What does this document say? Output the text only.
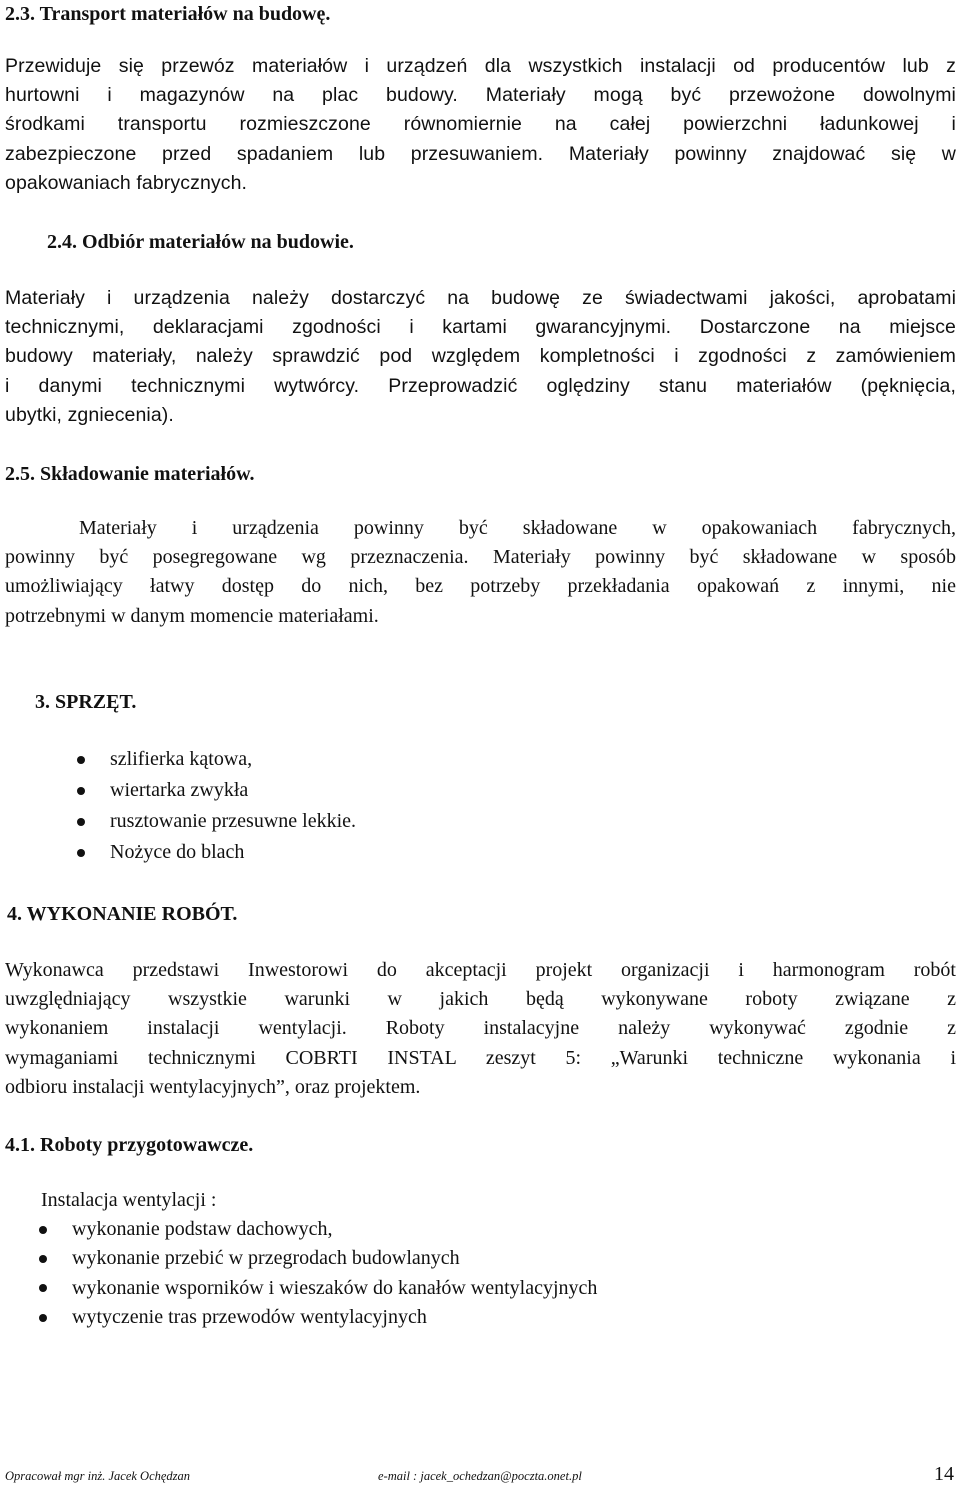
2.3. Transport materiałów na budowę.
Przewiduje się przewóz materiałów i urządzeń dla wszystkich instalacji od producentów lub z
hurtowni i magazynów na plac budowy. Materiały mogą być przewożone dowolnymi
środkami transportu rozmieszczone równomiernie na całej powierzchni ładunkowej i
zabezpieczone przed spadaniem lub przesuwaniem. Materiały powinny znajdować się w
opakowaniach fabrycznych.
2.4. Odbiór materiałów na budowie.
Materiały i urządzenia należy dostarczyć na budowę ze świadectwami jakości, aprobatami
technicznymi, deklaracjami zgodności i kartami gwarancyjnymi. Dostarczone na miejsce
budowy materiały, należy sprawdzić pod względem kompletności i zgodności z zamówieniem
i danymi technicznymi wytwórcy. Przeprowadzić oględziny stanu materiałów (pęknięcia,
ubytki, zgniecenia).
2.5. Składowanie materiałów.
Materiały i urządzenia powinny być składowane w opakowaniach fabrycznych,
powinny być posegregowane wg przeznaczenia. Materiały powinny być składowane w sposób
umożliwiający łatwy dostęp do nich, bez potrzeby przekładania opakowań z innymi, nie
potrzebnymi w danym momencie materiałami.
3. SPRZĘT.
szlifierka kątowa,
wiertarka zwykła
rusztowanie przesuwne lekkie.
Nożyce do blach
4. WYKONANIE ROBÓT.
Wykonawca przedstawi Inwestorowi do akceptacji projekt organizacji i harmonogram robót
uwzględniający wszystkie warunki w jakich będą wykonywane roboty związane z
wykonaniem instalacji wentylacji. Roboty instalacyjne należy wykonywać zgodnie z
wymaganiami technicznymi COBRTI INSTAL zeszyt 5: „Warunki techniczne wykonania i
odbioru instalacji wentylacyjnych”, oraz projektem.
4.1. Roboty przygotowawcze.
Instalacja wentylacji :
wykonanie podstaw dachowych,
wykonanie przebić w przegrodach budowlanych
wykonanie wsporników i wieszaków do kanałów wentylacyjnych
wytyczenie tras przewodów wentylacyjnych
Opracował mgr inż. Jacek Ochędzan	e-mail : jacek_ochedzan@poczta.onet.pl	14
